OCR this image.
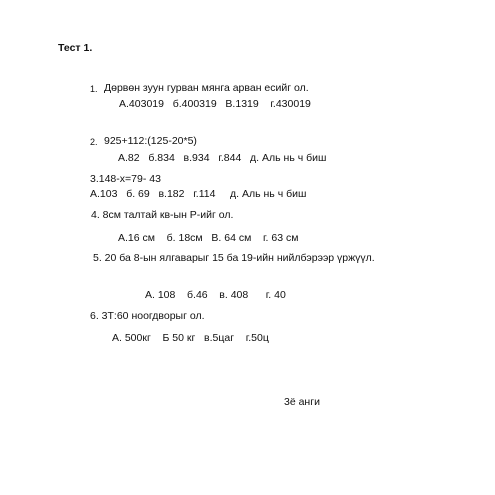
Тест 1.
1. Дөрвөн зуун гурван мянга арван есийг ол.
А.403019   б.400319   В.1319    г.430019
2. 925+112:(125-20*5)
А.82   б.834   в.934   г.844   д. Аль нь ч биш
3.148-х=79- 43
А.103   б. 69   в.182   г.114     д. Аль нь ч биш
4. 8см талтай кв-ын P-ийг ол.
А.16 см    б. 18см   В. 64 см    г. 63 см
5. 20 ба 8-ын ялгаварыг 15 ба 19-ийн нийлбэрээр үржүүл.
А. 108    б.46    в. 408      г. 40
6. 3Т:60 ноогдворыг ол.
А. 500кг    Б 50 кг   в.5цаг    г.50ц
3ё анги
